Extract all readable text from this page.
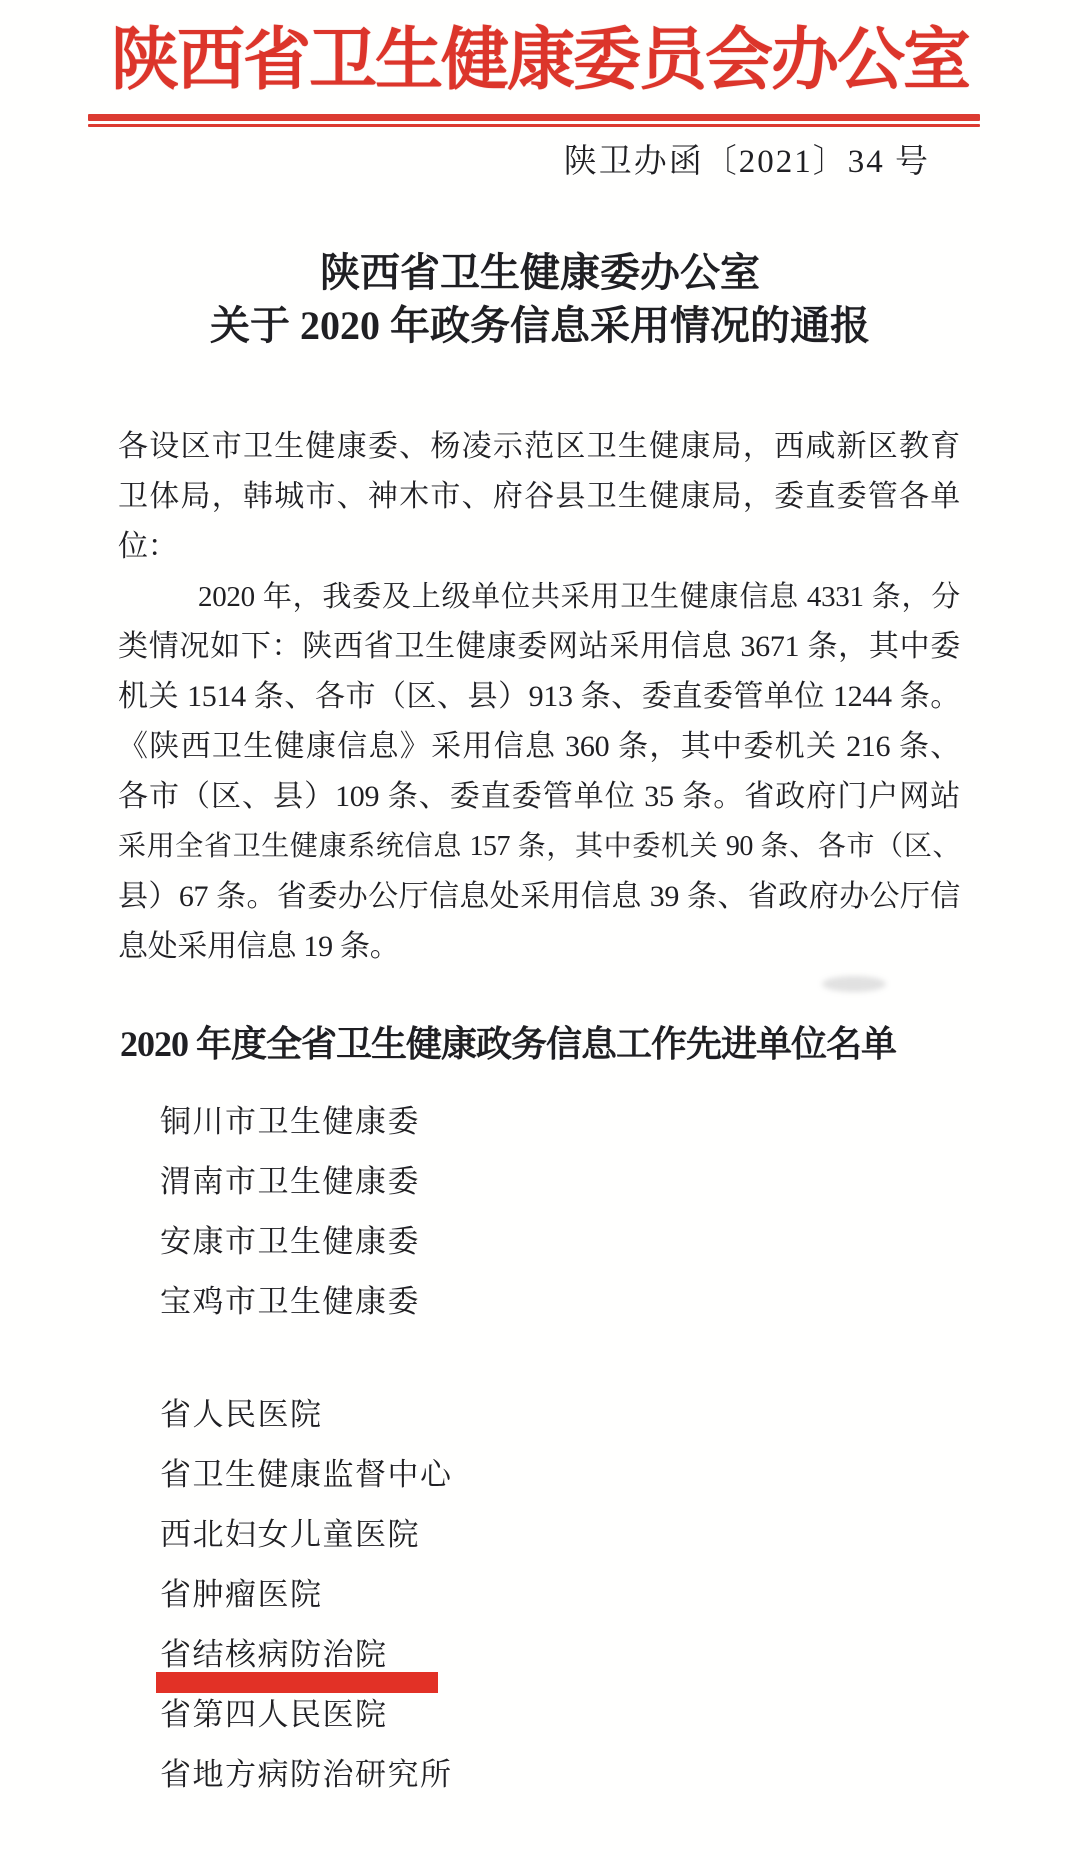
陕西省卫生健康委员会办公室
陕卫办函〔2021〕34 号
陕西省卫生健康委办公室
关于 2020 年政务信息采用情况的通报
各设区市卫生健康委、杨凌示范区卫生健康局，西咸新区教育
卫体局，韩城市、神木市、府谷县卫生健康局，委直委管各单
位：
2020 年，我委及上级单位共采用卫生健康信息 4331 条，分
类情况如下：陕西省卫生健康委网站采用信息 3671 条，其中委
机关 1514 条、各市（区、县）913 条、委直委管单位 1244 条。
《陕西卫生健康信息》采用信息 360 条，其中委机关 216 条、
各市（区、县）109 条、委直委管单位 35 条。省政府门户网站
采用全省卫生健康系统信息 157 条，其中委机关 90 条、各市（区、
县）67 条。省委办公厅信息处采用信息 39 条、省政府办公厅信
息处采用信息 19 条。
2020 年度全省卫生健康政务信息工作先进单位名单
铜川市卫生健康委
渭南市卫生健康委
安康市卫生健康委
宝鸡市卫生健康委
省人民医院
省卫生健康监督中心
西北妇女儿童医院
省肿瘤医院
省结核病防治院
省第四人民医院
省地方病防治研究所
